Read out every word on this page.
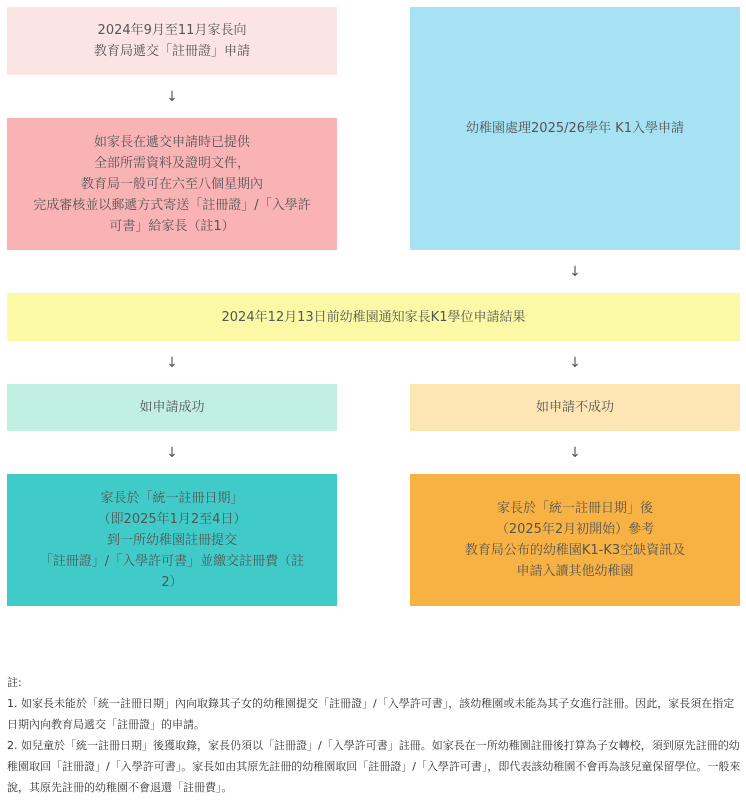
2024年9月至11月家長向
教育局遞交「註冊證」申請
↓
如家長在遞交申請時已提供
全部所需資料及證明文件，
教育局一般可在六至八個星期內
完成審核並以郵遞方式寄送「註冊證」/「入學許
可書」給家長（註1）
幼稚園處理2025/26學年 K1入學申請
↓
2024年12月13日前幼稚園通知家長K1學位申請結果
↓	↓
如申請成功	如申請不成功
↓	↓
家長於「統一註冊日期」
（即2025年1月2至4日）
到一所幼稚園註冊提交
「註冊證」/「入學許可書」並繳交註冊費（註
2）
家長於「統一註冊日期」後
（2025年2月初開始）參考
教育局公布的幼稚園K1-K3空缺資訊及
申請入讀其他幼稚園
註:
1. 如家長未能於「統一註冊日期」內向取錄其子女的幼稚園提交「註冊證」/「入學許可書」，該幼稚園或未能為其子女進行註冊。因此，家長須在指定日期內向教育局遞交「註冊證」的申請。
2. 如兒童於「統一註冊日期」後獲取錄，家長仍須以「註冊證」/「入學許可書」註冊。如家長在一所幼稚園註冊後打算為子女轉校，須到原先註冊的幼稚園取回「註冊證」/「入學許可書」。家長如由其原先註冊的幼稚園取回「註冊證」/「入學許可書」，即代表該幼稚園不會再為該兒童保留學位。一般來說，其原先註冊的幼稚園不會退還「註冊費」。
